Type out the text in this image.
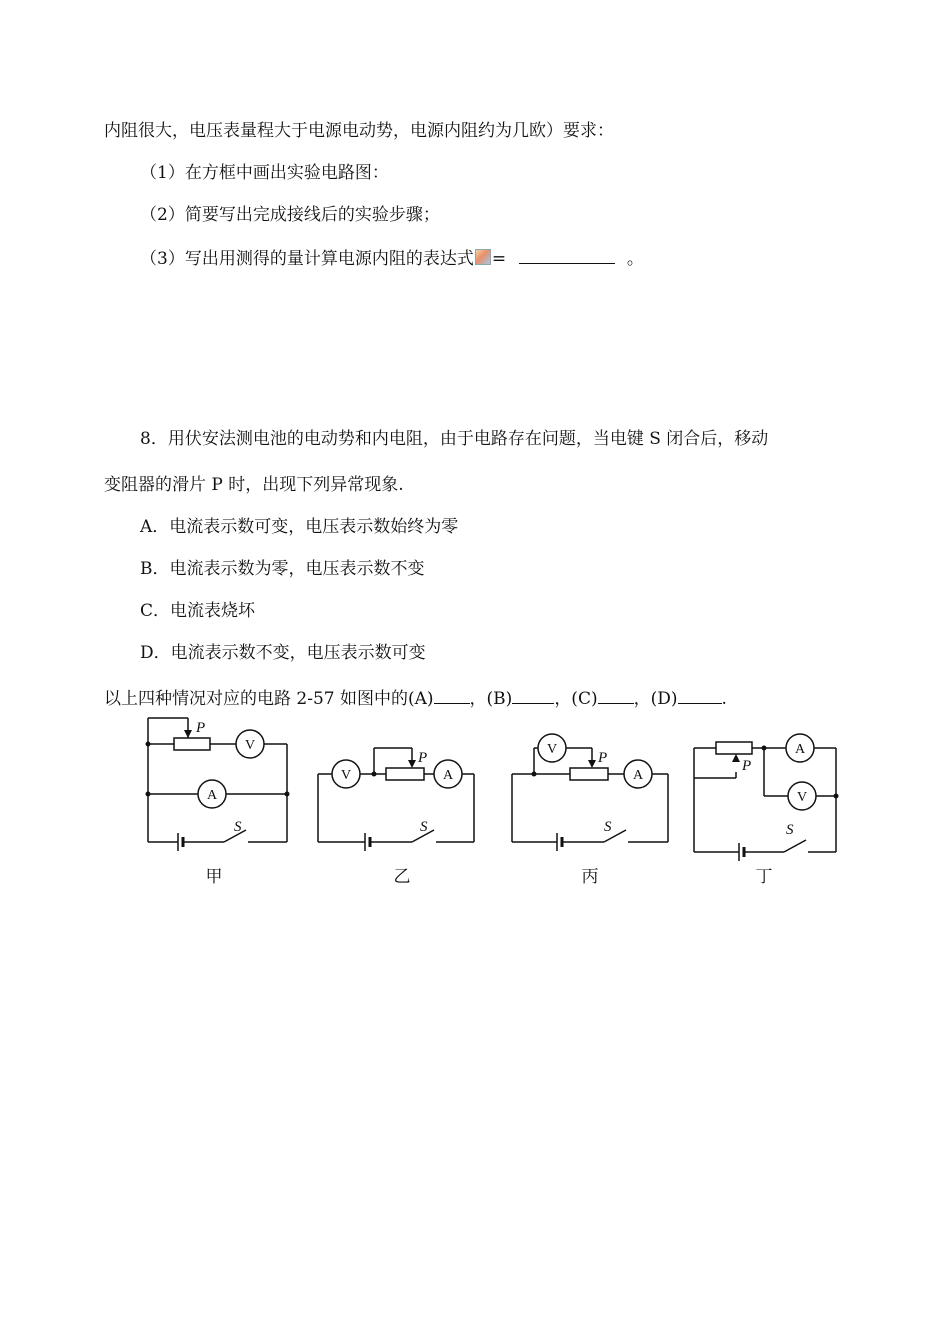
内阻很大，电压表量程大于电源电动势，电源内阻约为几欧）要求：
（1）在方框中画出实验电路图：
（2）简要写出完成接线后的实验步骤；
（3）写出用测得的量计算电源内阻的表达式 =	。
8．用伏安法测电池的电动势和内电阻，由于电路存在问题，当电键 S 闭合后，移动
变阻器的滑片 P 时，出现下列异常现象.
A．电流表示数可变，电压表示数始终为零
B．电流表示数为零，电压表示数不变
C．电流表烧坏
D．电流表示数不变，电压表示数可变
以上四种情况对应的电路 2-57 如图中的(A) ，(B) ，(C) ，(D)	.
V
A
V	A
V
A
A
V
P
P	P	P
S	S	S	S
甲	乙	丙	丁
